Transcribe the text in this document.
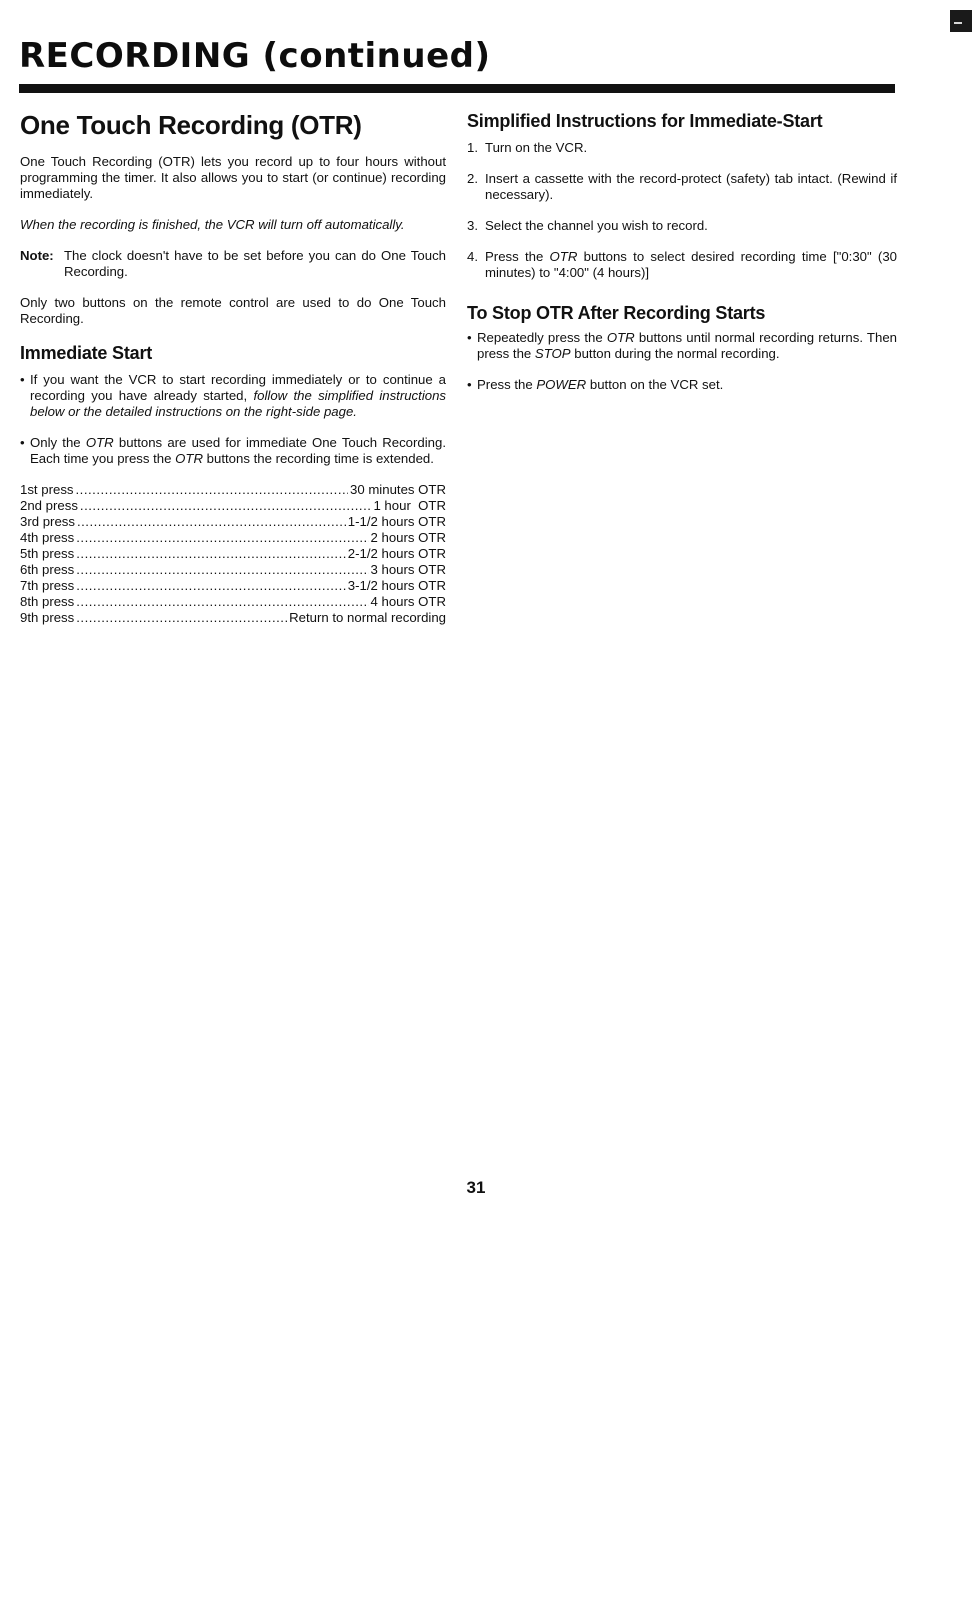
RECORDING (continued)
One Touch Recording (OTR)

One Touch Recording (OTR) lets you record up to four hours without programming the timer. It also allows you to start (or continue) recording immediately.

When the recording is finished, the VCR will turn off automatically.

Note: The clock doesn't have to be set before you can do One Touch Recording.

Only two buttons on the remote control are used to do One Touch Recording.

Immediate Start
• If you want the VCR to start recording immediately or to continue a recording you have already started, follow the simplified instructions below or the detailed instructions on the right-side page.
• Only the OTR buttons are used for immediate One Touch Recording. Each time you press the OTR buttons the recording time is extended.
1st press .....	30 minutes OTR
2nd press .....	1 hour  OTR
3rd press .....	1-1/2 hours OTR
4th press .....	2 hours OTR
5th press .....	2-1/2 hours OTR
6th press .....	3 hours OTR
7th press .....	3-1/2 hours OTR
8th press .....	4 hours OTR
9th press .....	Return to normal recording
Simplified Instructions for Immediate-Start
1. Turn on the VCR.
2. Insert a cassette with the record-protect (safety) tab intact. (Rewind if necessary).
3. Select the channel you wish to record.
4. Press the OTR buttons to select desired recording time ["0:30" (30 minutes) to "4:00" (4 hours)]
To Stop OTR After Recording Starts
• Repeatedly press the OTR buttons until normal recording returns. Then press the STOP button during the normal recording.
• Press the POWER button on the VCR set.
31
